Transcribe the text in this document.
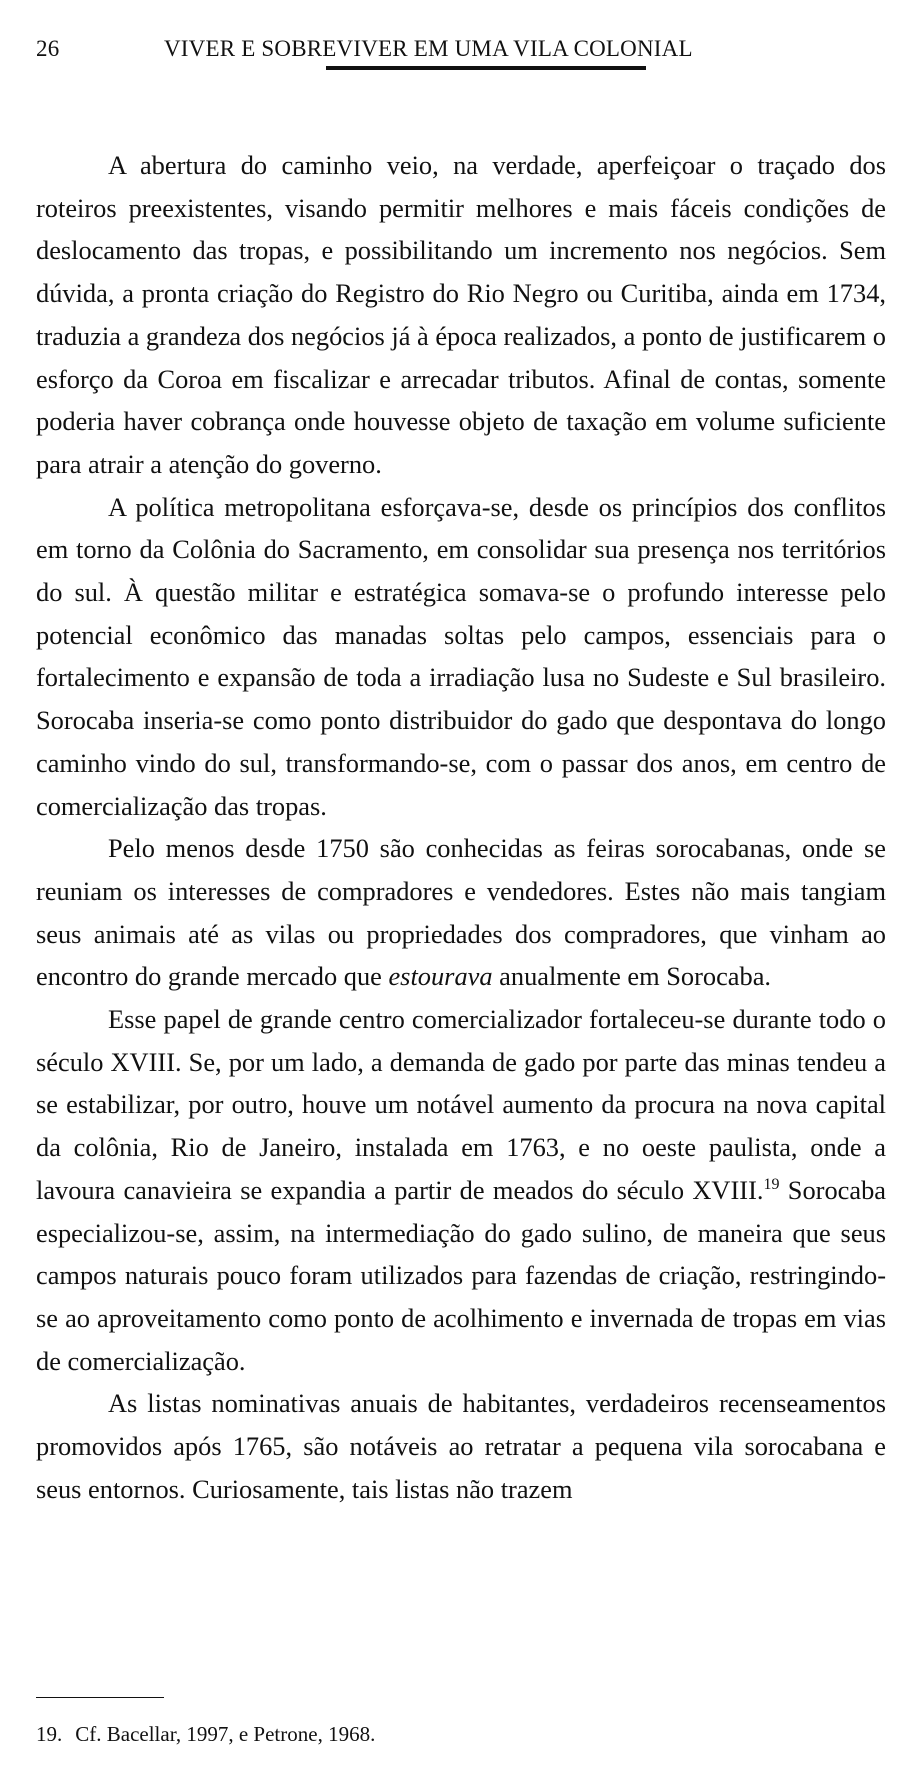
26	VIVER E SOBREVIVER EM UMA VILA COLONIAL

A abertura do caminho veio, na verdade, aperfeiçoar o traçado dos roteiros preexistentes, visando permitir melhores e mais fáceis condições de deslocamento das tropas, e possibilitando um incremento nos negócios. Sem dúvida, a pronta criação do Registro do Rio Negro ou Curitiba, ainda em 1734, traduzia a grandeza dos negócios já à época realizados, a ponto de justificarem o esforço da Coroa em fiscalizar e arrecadar tributos. Afinal de contas, somente poderia haver cobrança onde houvesse objeto de taxação em volume suficiente para atrair a atenção do governo.

A política metropolitana esforçava-se, desde os princípios dos conflitos em torno da Colônia do Sacramento, em consolidar sua presença nos territórios do sul. À questão militar e estratégica somava-se o profundo interesse pelo potencial econômico das manadas soltas pelo campos, essenciais para o fortalecimento e expansão de toda a irradiação lusa no Sudeste e Sul brasileiro. Sorocaba inseria-se como ponto distribuidor do gado que despontava do longo caminho vindo do sul, transformando-se, com o passar dos anos, em centro de comercialização das tropas.

Pelo menos desde 1750 são conhecidas as feiras sorocabanas, onde se reuniam os interesses de compradores e vendedores. Estes não mais tangiam seus animais até as vilas ou propriedades dos compradores, que vinham ao encontro do grande mercado que estourava anualmente em Sorocaba.

Esse papel de grande centro comercializador fortaleceu-se durante todo o século XVIII. Se, por um lado, a demanda de gado por parte das minas tendeu a se estabilizar, por outro, houve um notável aumento da procura na nova capital da colônia, Rio de Janeiro, instalada em 1763, e no oeste paulista, onde a lavoura canavieira se expandia a partir de meados do século XVIII.$^{19}$ Sorocaba especializou-se, assim, na intermediação do gado sulino, de maneira que seus campos naturais pouco foram utilizados para fazendas de criação, restringindo-se ao aproveitamento como ponto de acolhimento e invernada de tropas em vias de comercialização.

As listas nominativas anuais de habitantes, verdadeiros recenseamentos promovidos após 1765, são notáveis ao retratar a pequena vila sorocabana e seus entornos. Curiosamente, tais listas não trazem

19. Cf. Bacellar, 1997, e Petrone, 1968.
